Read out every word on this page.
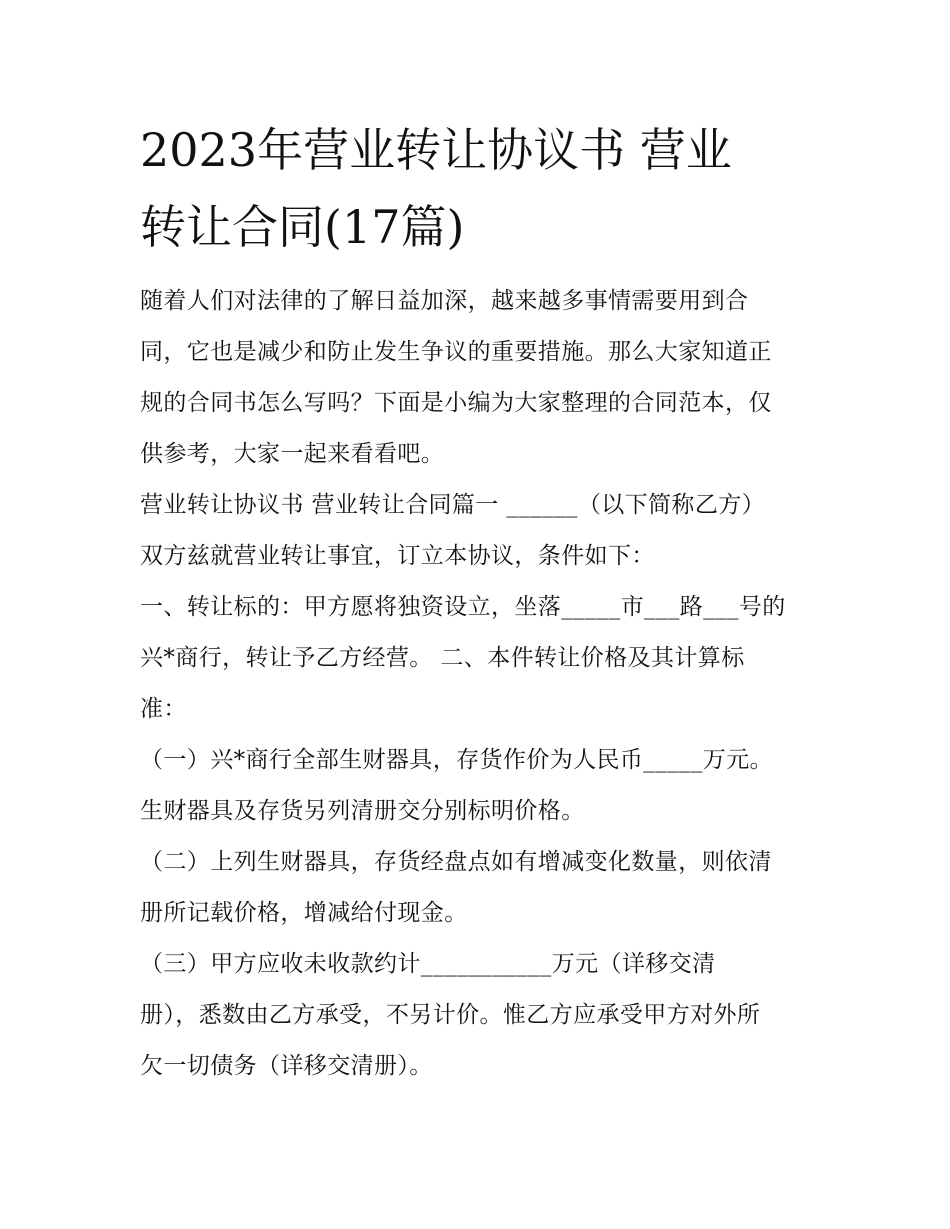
2023年营业转让协议书 营业
转让合同(17篇)
随着人们对法律的了解日益加深，越来越多事情需要用到合
同，它也是减少和防止发生争议的重要措施。那么大家知道正
规的合同书怎么写吗？下面是小编为大家整理的合同范本，仅
供参考，大家一起来看看吧。
营业转让协议书 营业转让合同篇一 ______（以下简称乙方）
双方兹就营业转让事宜，订立本协议，条件如下：
一、转让标的：甲方愿将独资设立，坐落_____市___路___号的
兴*商行，转让予乙方经营。 二、本件转让价格及其计算标
准：
（一）兴*商行全部生财器具，存货作价为人民币_____万元。
生财器具及存货另列清册交分别标明价格。
（二）上列生财器具，存货经盘点如有增减变化数量，则依清
册所记载价格，增减给付现金。
（三）甲方应收未收款约计___________万元（详移交清
册），悉数由乙方承受，不另计价。惟乙方应承受甲方对外所
欠一切债务（详移交清册）。
